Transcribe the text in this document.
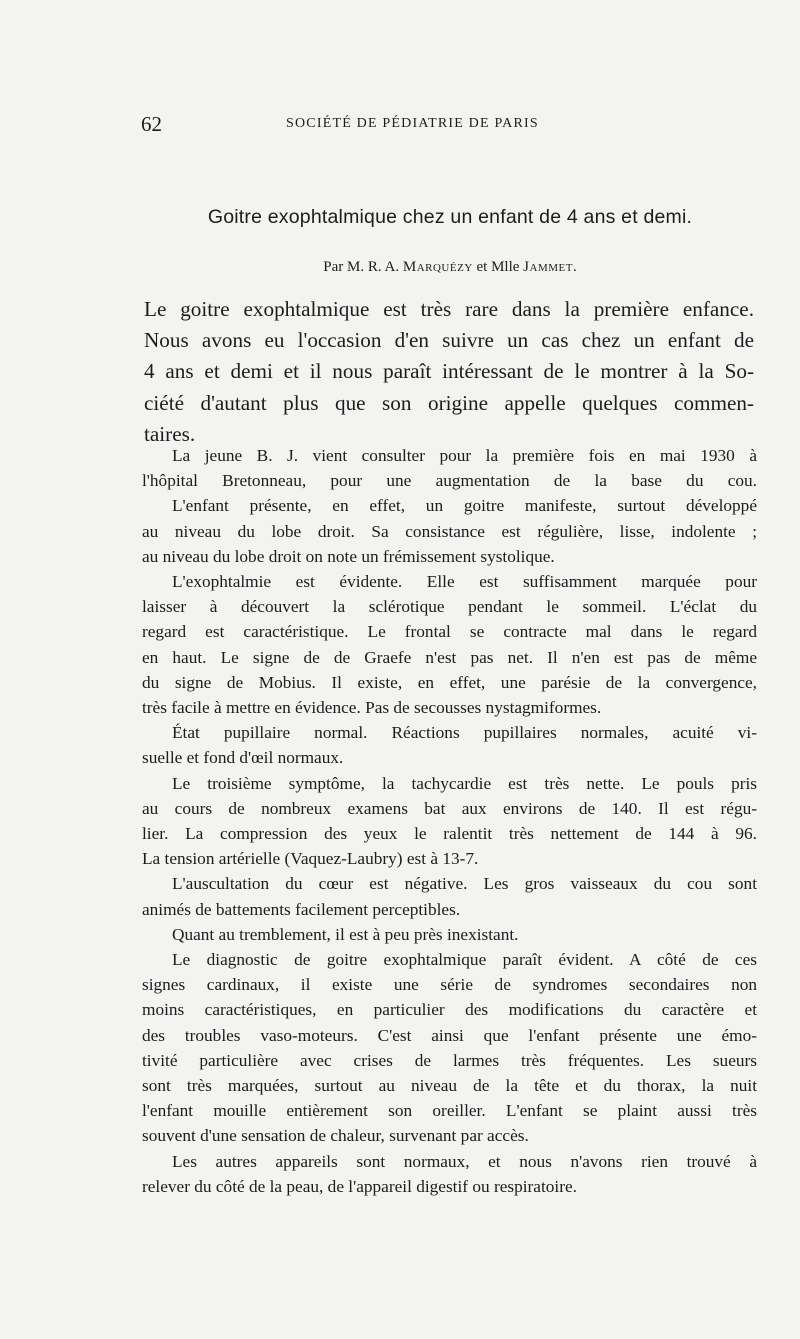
62	SOCIÉTÉ DE PÉDIATRIE DE PARIS
Goitre exophtalmique chez un enfant de 4 ans et demi.
Par M. R. A. Marquézy et Mlle Jammet.
Le goitre exophtalmique est très rare dans la première enfance.
Nous avons eu l'occasion d'en suivre un cas chez un enfant de
4 ans et demi et il nous paraît intéressant de le montrer à la So-
ciété d'autant plus que son origine appelle quelques commen-
taires.
La jeune B. J. vient consulter pour la première fois en mai 1930 à
l'hôpital Bretonneau, pour une augmentation de la base du cou.
L'enfant présente, en effet, un goitre manifeste, surtout développé
au niveau du lobe droit. Sa consistance est régulière, lisse, indolente ;
au niveau du lobe droit on note un frémissement systolique.
L'exophtalmie est évidente. Elle est suffisamment marquée pour
laisser à découvert la sclérotique pendant le sommeil. L'éclat du
regard est caractéristique. Le frontal se contracte mal dans le regard
en haut. Le signe de de Graefe n'est pas net. Il n'en est pas de même
du signe de Mobius. Il existe, en effet, une parésie de la convergence,
très facile à mettre en évidence. Pas de secousses nystagmiformes.
État pupillaire normal. Réactions pupillaires normales, acuité vi-
suelle et fond d'œil normaux.
Le troisième symptôme, la tachycardie est très nette. Le pouls pris
au cours de nombreux examens bat aux environs de 140. Il est régu-
lier. La compression des yeux le ralentit très nettement de 144 à 96.
La tension artérielle (Vaquez-Laubry) est à 13-7.
L'auscultation du cœur est négative. Les gros vaisseaux du cou sont
animés de battements facilement perceptibles.
Quant au tremblement, il est à peu près inexistant.
Le diagnostic de goitre exophtalmique paraît évident. A côté de ces
signes cardinaux, il existe une série de syndromes secondaires non
moins caractéristiques, en particulier des modifications du caractère et
des troubles vaso-moteurs. C'est ainsi que l'enfant présente une émo-
tivité particulière avec crises de larmes très fréquentes. Les sueurs
sont très marquées, surtout au niveau de la tête et du thorax, la nuit
l'enfant mouille entièrement son oreiller. L'enfant se plaint aussi très
souvent d'une sensation de chaleur, survenant par accès.
Les autres appareils sont normaux, et nous n'avons rien trouvé à
relever du côté de la peau, de l'appareil digestif ou respiratoire.
